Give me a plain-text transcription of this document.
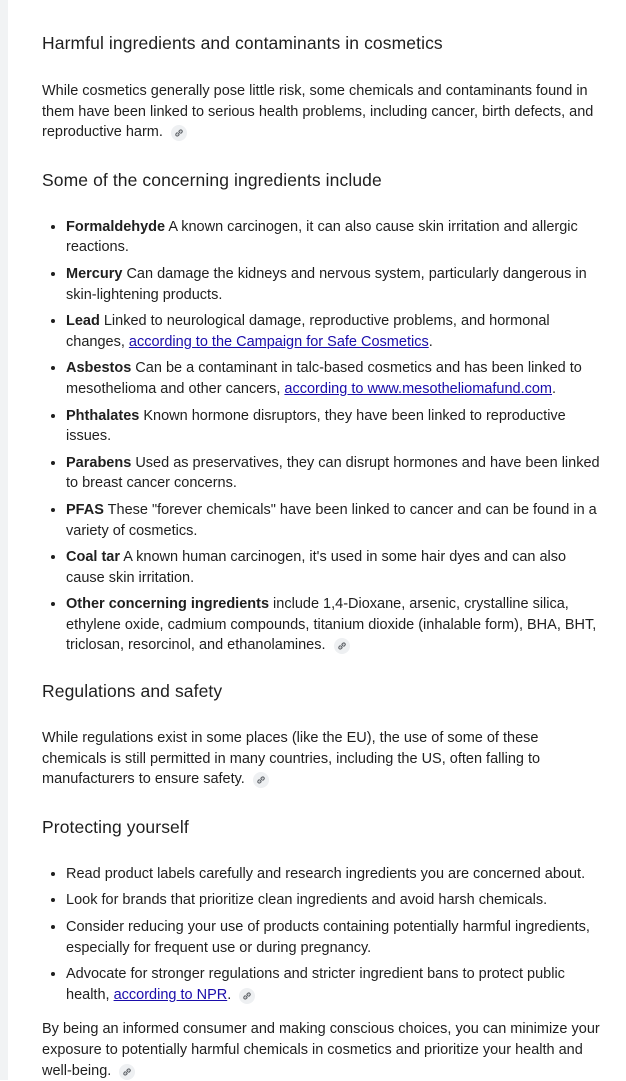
Harmful ingredients and contaminants in cosmetics

While cosmetics generally pose little risk, some chemicals and contaminants found in them have been linked to serious health problems, including cancer, birth defects, and reproductive harm.

Some of the concerning ingredients include
• Formaldehyde A known carcinogen, it can also cause skin irritation and allergic reactions.
• Mercury Can damage the kidneys and nervous system, particularly dangerous in skin-lightening products.
• Lead Linked to neurological damage, reproductive problems, and hormonal changes, according to the Campaign for Safe Cosmetics.
• Asbestos Can be a contaminant in talc-based cosmetics and has been linked to mesothelioma and other cancers, according to www.mesotheliomafund.com.
• Phthalates Known hormone disruptors, they have been linked to reproductive issues.
• Parabens Used as preservatives, they can disrupt hormones and have been linked to breast cancer concerns.
• PFAS These "forever chemicals" have been linked to cancer and can be found in a variety of cosmetics.
• Coal tar A known human carcinogen, it's used in some hair dyes and can also cause skin irritation.
• Other concerning ingredients include 1,4-Dioxane, arsenic, crystalline silica, ethylene oxide, cadmium compounds, titanium dioxide (inhalable form), BHA, BHT, triclosan, resorcinol, and ethanolamines.
Regulations and safety

While regulations exist in some places (like the EU), the use of some of these chemicals is still permitted in many countries, including the US, often falling to manufacturers to ensure safety.

Protecting yourself
• Read product labels carefully and research ingredients you are concerned about.
• Look for brands that prioritize clean ingredients and avoid harsh chemicals.
• Consider reducing your use of products containing potentially harmful ingredients, especially for frequent use or during pregnancy.
• Advocate for stronger regulations and stricter ingredient bans to protect public health, according to NPR.

By being an informed consumer and making conscious choices, you can minimize your exposure to potentially harmful chemicals in cosmetics and prioritize your health and well-being.
